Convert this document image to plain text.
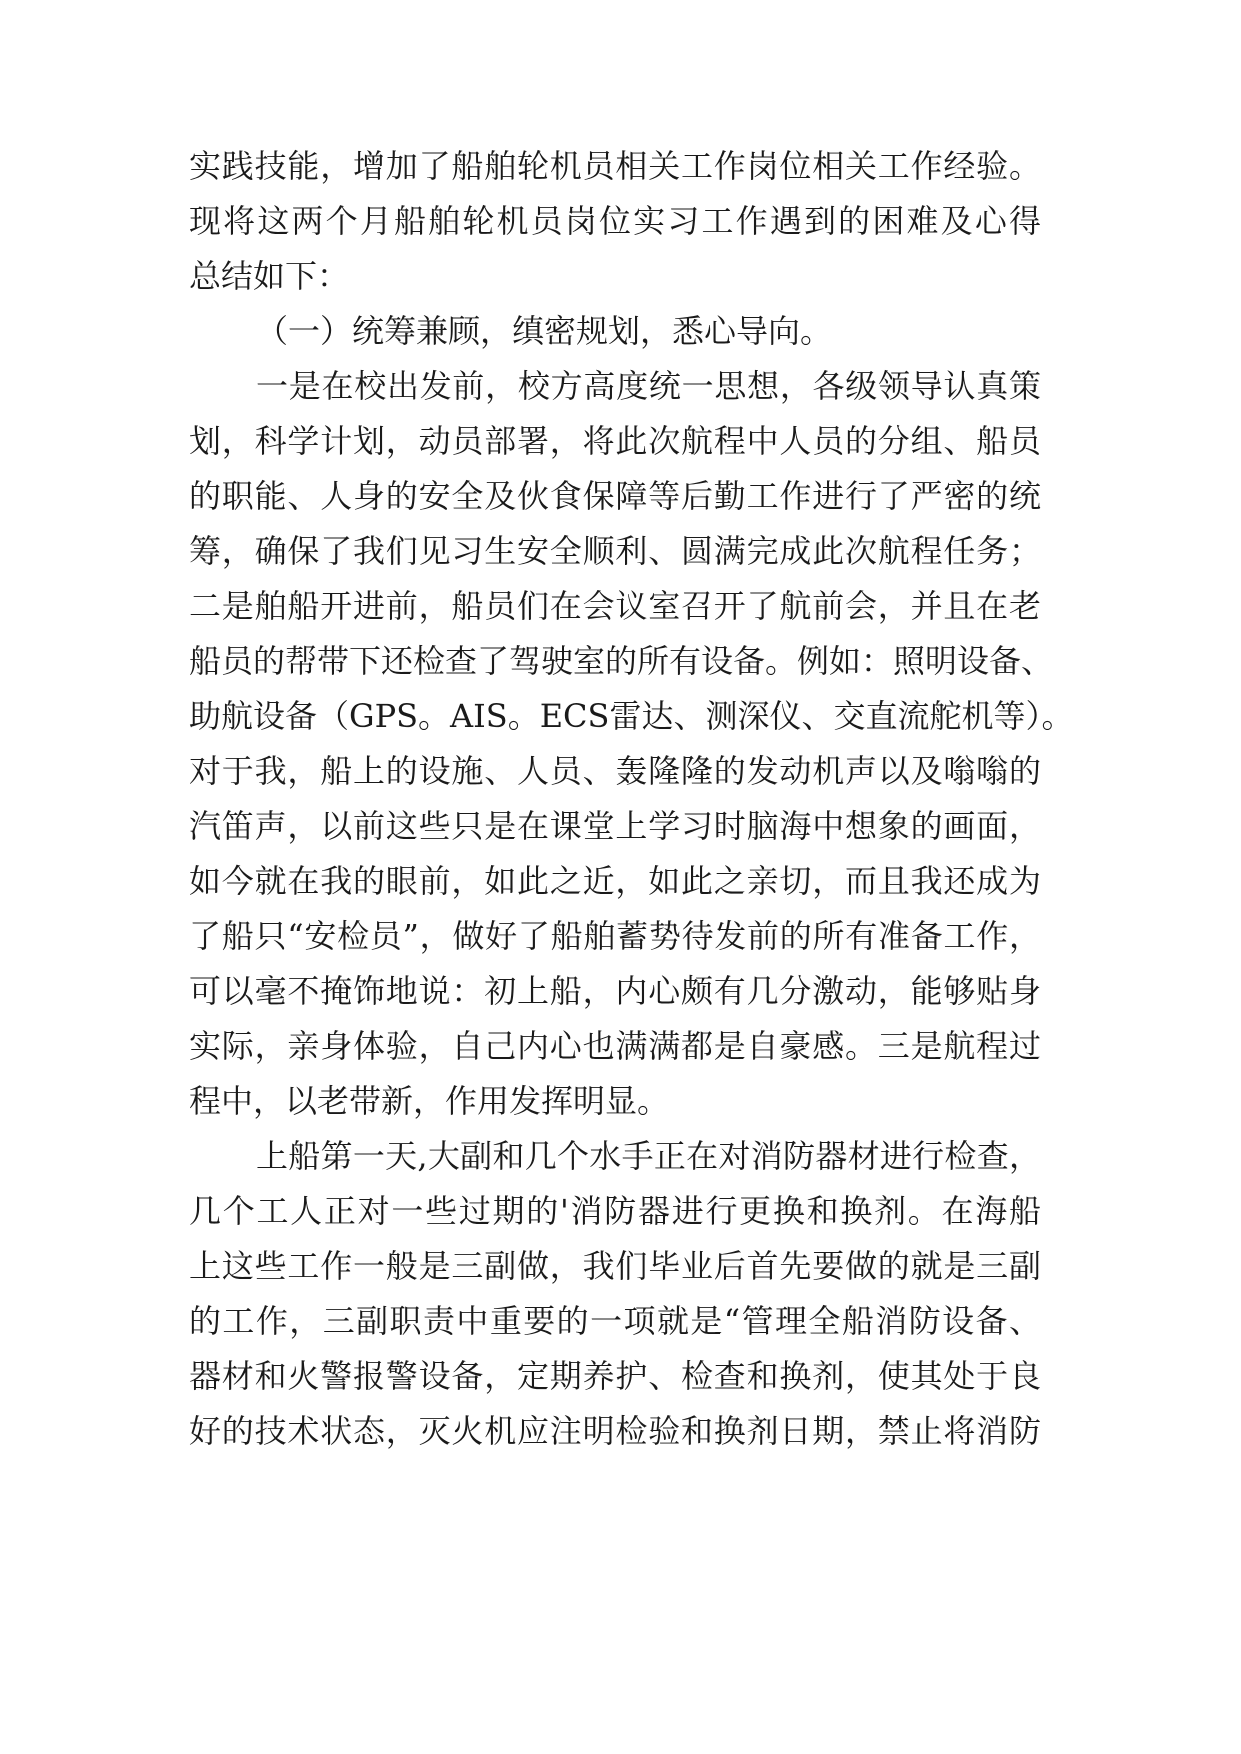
实践技能，增加了船舶轮机员相关工作岗位相关工作经验。
现将这两个月船舶轮机员岗位实习工作遇到的困难及心得
总结如下：
（一）统筹兼顾，缜密规划，悉心导向。
一是在校出发前，校方高度统一思想，各级领导认真策
划，科学计划，动员部署，将此次航程中人员的分组、船员
的职能、人身的安全及伙食保障等后勤工作进行了严密的统
筹，确保了我们见习生安全顺利、圆满完成此次航程任务；
二是舶船开进前，船员们在会议室召开了航前会，并且在老
船员的帮带下还检查了驾驶室的所有设备。例如：照明设备、
助航设备（GPS。AIS。ECS雷达、测深仪、交直流舵机等）。
对于我，船上的设施、人员、轰隆隆的发动机声以及嗡嗡的
汽笛声，以前这些只是在课堂上学习时脑海中想象的画面，
如今就在我的眼前，如此之近，如此之亲切，而且我还成为
了船只“安检员”，做好了船舶蓄势待发前的所有准备工作，
可以毫不掩饰地说：初上船，内心颇有几分激动，能够贴身
实际，亲身体验，自己内心也满满都是自豪感。三是航程过
程中，以老带新，作用发挥明显。
上船第一天,大副和几个水手正在对消防器材进行检查，
几个工人正对一些过期的'消防器进行更换和换剂。在海船
上这些工作一般是三副做，我们毕业后首先要做的就是三副
的工作，三副职责中重要的一项就是“管理全船消防设备、
器材和火警报警设备，定期养护、检查和换剂，使其处于良
好的技术状态，灭火机应注明检验和换剂日期，禁止将消防
